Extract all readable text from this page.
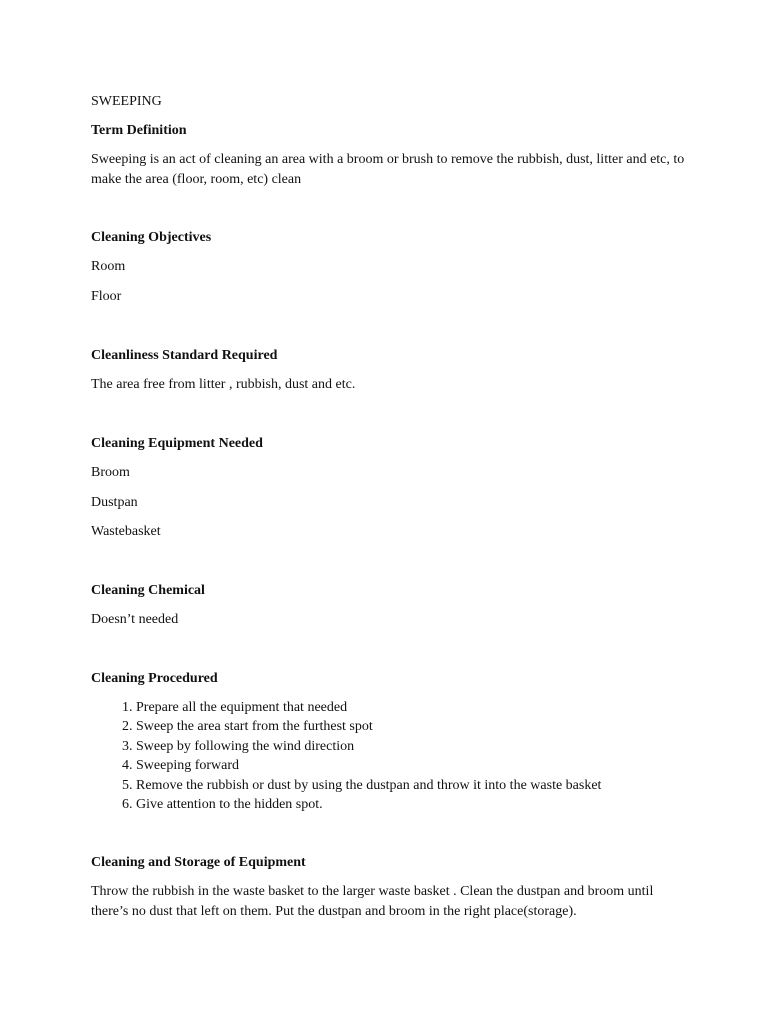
SWEEPING

Term Definition

Sweeping is an act of cleaning an area with a broom or brush to remove the rubbish, dust, litter and etc, to make the area (floor, room, etc) clean

Cleaning Objectives

Room

Floor

Cleanliness Standard Required

The area free from litter , rubbish, dust and etc.

Cleaning Equipment Needed

Broom

Dustpan

Wastebasket

Cleaning Chemical

Doesn’t needed

Cleaning Procedured

1. Prepare all the equipment that needed
2. Sweep the area start from the furthest spot
3. Sweep by following the wind direction
4. Sweeping forward
5. Remove the rubbish or dust by using the dustpan and throw it into the waste basket
6. Give attention to the hidden spot.

Cleaning and Storage of Equipment

Throw the rubbish in the waste basket to the larger waste basket . Clean the dustpan and broom until there’s no dust that left on them. Put the dustpan and broom in the right place(storage).
